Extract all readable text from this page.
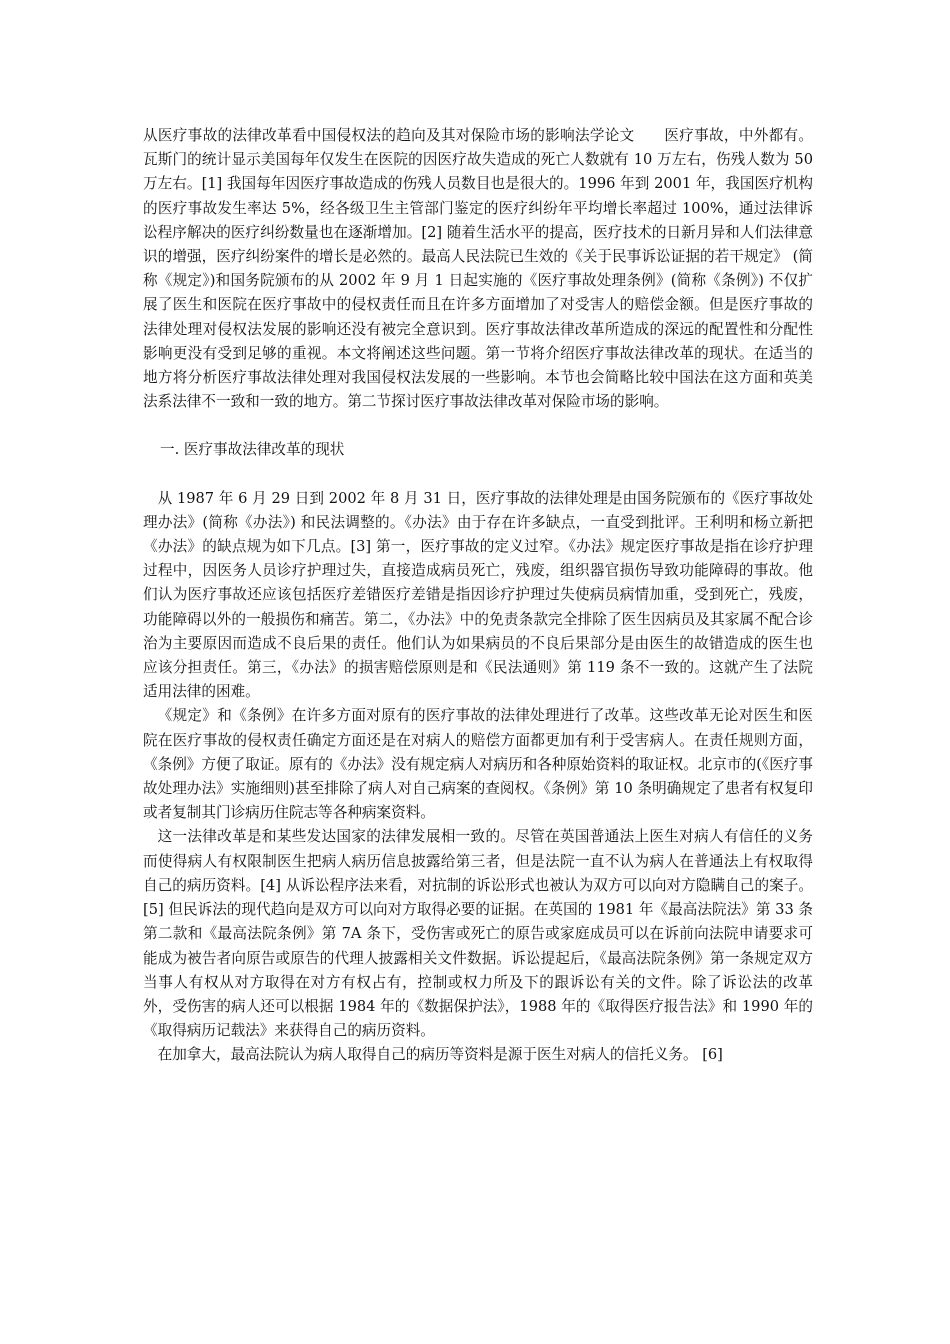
从医疗事故的法律改革看中国侵权法的趋向及其对保险市场的影响法学论文　　医疗事故，中外都有。瓦斯门的统计显示美国每年仅发生在医院的因医疗故失造成的死亡人数就有 10 万左右，伤残人数为 50 万左右。[1] 我国每年因医疗事故造成的伤残人员数目也是很大的。1996 年到 2001 年，我国医疗机构的医疗事故发生率达 5%，经各级卫生主管部门鉴定的医疗纠纷年平均增长率超过 100%，通过法律诉讼程序解决的医疗纠纷数量也在逐渐增加。[2] 随着生活水平的提高，医疗技术的日新月异和人们法律意识的增强，医疗纠纷案件的增长是必然的。最高人民法院已生效的《关于民事诉讼证据的若干规定》 (简称《规定》)和国务院颁布的从 2002 年 9 月 1 日起实施的《医疗事故处理条例》(简称《条例》) 不仅扩展了医生和医院在医疗事故中的侵权责任而且在许多方面增加了对受害人的赔偿金额。但是医疗事故的法律处理对侵权法发展的影响还没有被完全意识到。医疗事故法律改革所造成的深远的配置性和分配性影响更没有受到足够的重视。本文将阐述这些问题。第一节将介绍医疗事故法律改革的现状。在适当的地方将分析医疗事故法律处理对我国侵权法发展的一些影响。本节也会简略比较中国法在这方面和英美法系法律不一致和一致的地方。第二节探讨医疗事故法律改革对保险市场的影响。

一. 医疗事故法律改革的现状

从 1987 年 6 月 29 日到 2002 年 8 月 31 日，医疗事故的法律处理是由国务院颁布的《医疗事故处理办法》(简称《办法》) 和民法调整的。《办法》由于存在许多缺点，一直受到批评。王利明和杨立新把《办法》的缺点规为如下几点。[3] 第一，医疗事故的定义过窄。《办法》规定医疗事故是指在诊疗护理过程中，因医务人员诊疗护理过失，直接造成病员死亡，残废，组织器官损伤导致功能障碍的事故。他们认为医疗事故还应该包括医疗差错医疗差错是指因诊疗护理过失使病员病情加重，受到死亡，残废，功能障碍以外的一般损伤和痛苦。第二，《办法》中的免责条款完全排除了医生因病员及其家属不配合诊治为主要原因而造成不良后果的责任。他们认为如果病员的不良后果部分是由医生的故错造成的医生也应该分担责任。第三，《办法》的损害赔偿原则是和《民法通则》第 119 条不一致的。这就产生了法院适用法律的困难。

《规定》和《条例》在许多方面对原有的医疗事故的法律处理进行了改革。这些改革无论对医生和医院在医疗事故的侵权责任确定方面还是在对病人的赔偿方面都更加有利于受害病人。在责任规则方面，《条例》方便了取证。原有的《办法》没有规定病人对病历和各种原始资料的取证权。北京市的(《医疗事故处理办法》实施细则)甚至排除了病人对自己病案的查阅权。《条例》第 10 条明确规定了患者有权复印或者复制其门诊病历住院志等各种病案资料。

这一法律改革是和某些发达国家的法律发展相一致的。尽管在英国普通法上医生对病人有信任的义务而使得病人有权限制医生把病人病历信息披露给第三者，但是法院一直不认为病人在普通法上有权取得自己的病历资料。[4] 从诉讼程序法来看，对抗制的诉讼形式也被认为双方可以向对方隐瞒自己的案子。[5] 但民诉法的现代趋向是双方可以向对方取得必要的证据。在英国的 1981 年《最高法院法》第 33 条第二款和《最高法院条例》第 7A 条下，受伤害或死亡的原告或家庭成员可以在诉前向法院申请要求可能成为被告者向原告或原告的代理人披露相关文件数据。诉讼提起后，《最高法院条例》第一条规定双方当事人有权从对方取得在对方有权占有，控制或权力所及下的跟诉讼有关的文件。除了诉讼法的改革外，受伤害的病人还可以根据 1984 年的《数据保护法》，1988 年的《取得医疗报告法》和 1990 年的《取得病历记载法》来获得自己的病历资料。

在加拿大，最高法院认为病人取得自己的病历等资料是源于医生对病人的信托义务。 [6]
